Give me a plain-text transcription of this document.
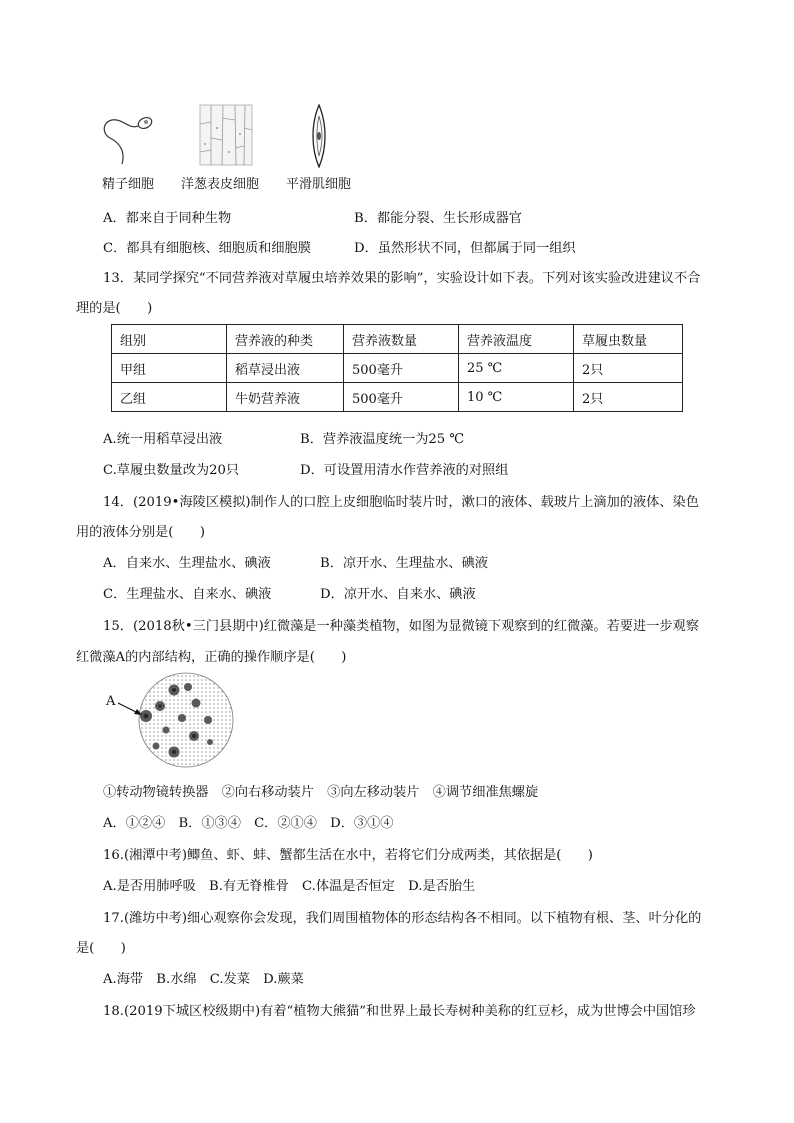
精子细胞 洋葱表皮细胞 平滑肌细胞
A．都来自于同种生物	B．都能分裂、生长形成器官
C．都具有细胞核、细胞质和细胞膜	D．虽然形状不同，但都属于同一组织
13．某同学探究“不同营养液对草履虫培养效果的影响”，实验设计如下表。下列对该实验改进建议不合
理的是(　　)
组别	营养液的种类	营养液数量	营养液温度	草履虫数量
甲组	稻草浸出液	500毫升	25 ℃	2只
乙组	牛奶营养液	500毫升	10 ℃	2只
A.统一用稻草浸出液	B．营养液温度统一为25 ℃
C.草履虫数量改为20只	D．可设置用清水作营养液的对照组
14．(2019•海陵区模拟)制作人的口腔上皮细胞临时装片时，漱口的液体、载玻片上滴加的液体、染色
用的液体分别是(　　)
A．自来水、生理盐水、碘液	B．凉开水、生理盐水、碘液
C．生理盐水、自来水、碘液	D．凉开水、自来水、碘液
15．(2018秋•三门县期中)红微藻是一种藻类植物，如图为显微镜下观察到的红微藻。若要进一步观察
红微藻A的内部结构，正确的操作顺序是(　　)
A
①转动物镜转换器　②向右移动装片　③向左移动装片　④调节细准焦螺旋
A．①②④　B．①③④　C．②①④　D．③①④
16.(湘潭中考)鲫鱼、虾、蚌、蟹都生活在水中，若将它们分成两类，其依据是(　　)
A.是否用肺呼吸　B.有无脊椎骨　C.体温是否恒定　D.是否胎生
17.(潍坊中考)细心观察你会发现，我们周围植物体的形态结构各不相同。以下植物有根、茎、叶分化的
是(　　)
A.海带　B.水绵　C.发菜　D.蕨菜
18.(2019下城区校级期中)有着“植物大熊猫”和世界上最长寿树种美称的红豆杉，成为世博会中国馆珍
